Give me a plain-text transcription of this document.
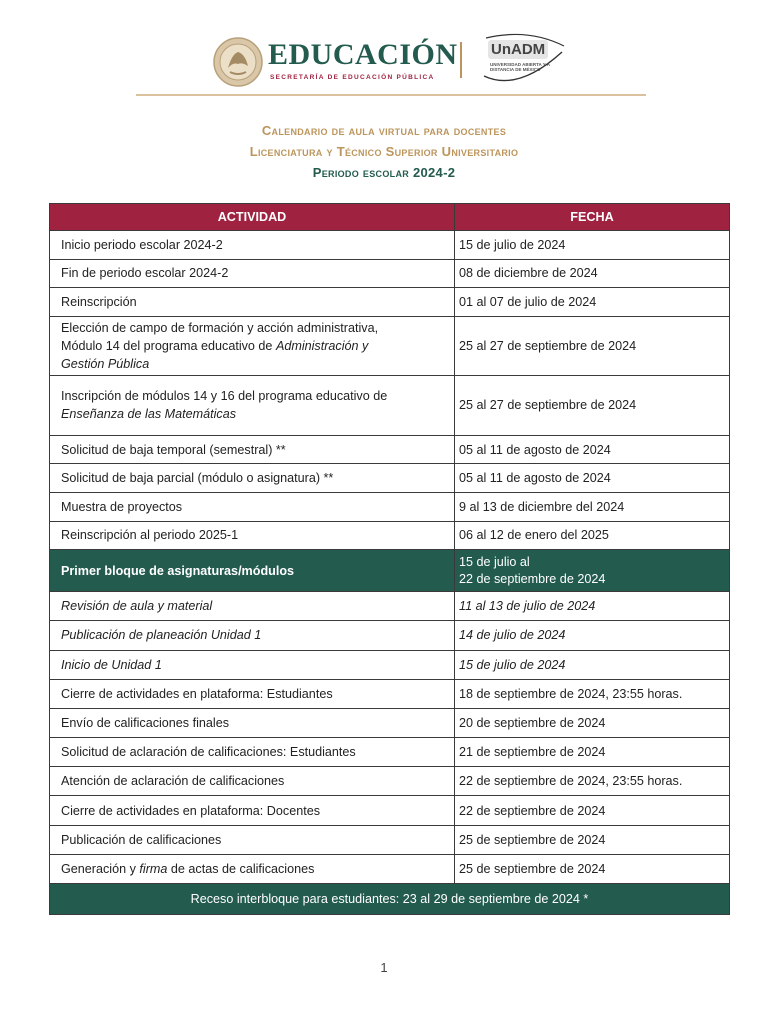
EDUCACIÓN
SECRETARÍA DE EDUCACIÓN PÚBLICA
UnADM
UNIVERSIDAD ABIERTA Y A DISTANCIA DE MÉXICO
Calendario de aula virtual para docentes
Licenciatura y Técnico Superior Universitario
Periodo escolar 2024-2
ACTIVIDAD	FECHA
Inicio periodo escolar 2024-2	15 de julio de 2024
Fin de periodo escolar 2024-2	08 de diciembre de 2024
Reinscripción	01 al 07 de julio de 2024
Elección de campo de formación y acción administrativa,
Módulo 14 del programa educativo de Administración y
Gestión Pública	25 al 27 de septiembre de 2024
Inscripción de módulos 14 y 16 del programa educativo de
Enseñanza de las Matemáticas	25 al 27 de septiembre de 2024
Solicitud de baja temporal (semestral) **	05 al 11 de agosto de 2024
Solicitud de baja parcial (módulo o asignatura) **	05 al 11 de agosto de 2024
Muestra de proyectos	9 al 13 de diciembre del 2024
Reinscripción al periodo 2025-1	06 al 12 de enero del 2025
Primer bloque de asignaturas/módulos	15 de julio al
22 de septiembre de 2024
Revisión de aula y material	11 al 13 de julio de 2024
Publicación de planeación Unidad 1	14 de julio de 2024
Inicio de Unidad 1	15 de julio de 2024
Cierre de actividades en plataforma: Estudiantes	18 de septiembre de 2024, 23:55 horas.
Envío de calificaciones finales	20 de septiembre de 2024
Solicitud de aclaración de calificaciones: Estudiantes	21 de septiembre de 2024
Atención de aclaración de calificaciones	22 de septiembre de 2024, 23:55 horas.
Cierre de actividades en plataforma: Docentes	22 de septiembre de 2024
Publicación de calificaciones	25 de septiembre de 2024
Generación y firma de actas de calificaciones	25 de septiembre de 2024
Receso interbloque para estudiantes: 23 al 29 de septiembre de 2024 *	
1
